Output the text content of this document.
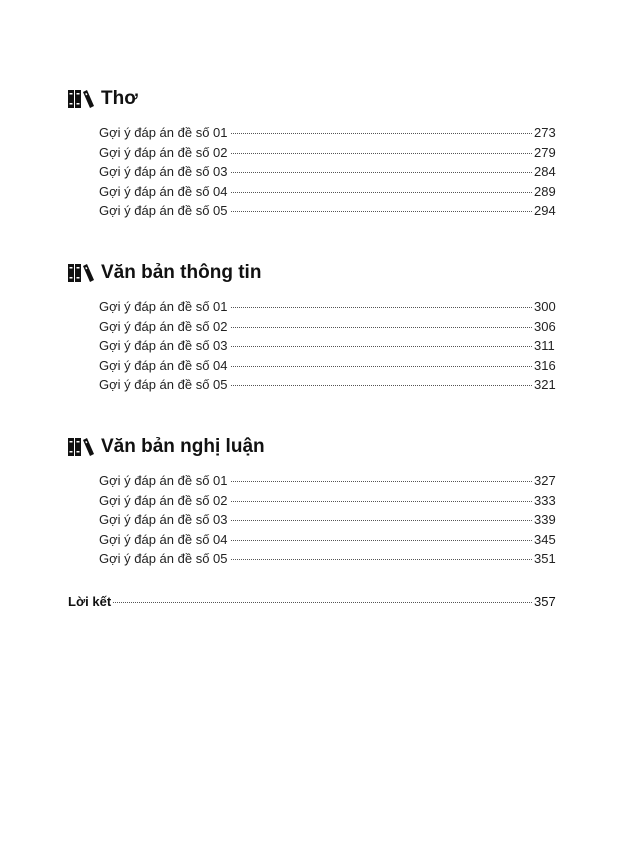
Thơ
Gợi ý đáp án đề số 01	273
Gợi ý đáp án đề số 02	279
Gợi ý đáp án đề số 03	284
Gợi ý đáp án đề số 04	289
Gợi ý đáp án đề số 05	294
Văn bản thông tin
Gợi ý đáp án đề số 01	300
Gợi ý đáp án đề số 02	306
Gợi ý đáp án đề số 03	311
Gợi ý đáp án đề số 04	316
Gợi ý đáp án đề số 05	321
Văn bản nghị luận
Gợi ý đáp án đề số 01	327
Gợi ý đáp án đề số 02	333
Gợi ý đáp án đề số 03	339
Gợi ý đáp án đề số 04	345
Gợi ý đáp án đề số 05	351
Lời kết	357
